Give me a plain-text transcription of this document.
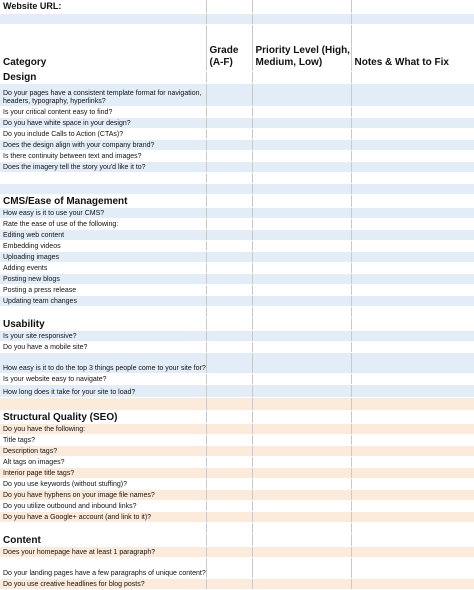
Website URL:			

Category	Grade (A-F)	Priority Level (High, Medium, Low)	Notes & What to Fix
Design			
Do your pages have a consistent template format for navigation, headers, typography, hyperlinks?			
Is your critical content easy to find?			
Do you have white space in your design?			
Do you include Calls to Action (CTAs)?			
Does the design align with your company brand?			
Is there continuity between text and images?			
Does the imagery tell the story you'd like it to?			

CMS/Ease of Management			
How easy is it to use your CMS?			
Rate the ease of use of the following:			
Editing web content			
Embedding videos			
Uploading images			
Adding events			
Posting new blogs			
Posting a press release			
Updating team changes			

Usability			
Is your site responsive?			
Do you have a mobile site?			
How easy is it to do the top 3 things people come to your site for?			
Is your website easy to navigate?			
How long does it take for your site to load?			

Structural Quality (SEO)			
Do you have the following:			
Title tags?			
Description tags?			
Alt tags on images?			
Interior page title tags?			
Do you use keywords (without stuffing)?			
Do you have hyphens on your image file names?			
Do you utilize outbound and inbound links?			
Do you have a Google+ account (and link to it)?			

Content			
Does your homepage have at least 1 paragraph?			
Do your landing pages have a few paragraphs of unique content?			
Do you use creative headlines for blog posts?			
